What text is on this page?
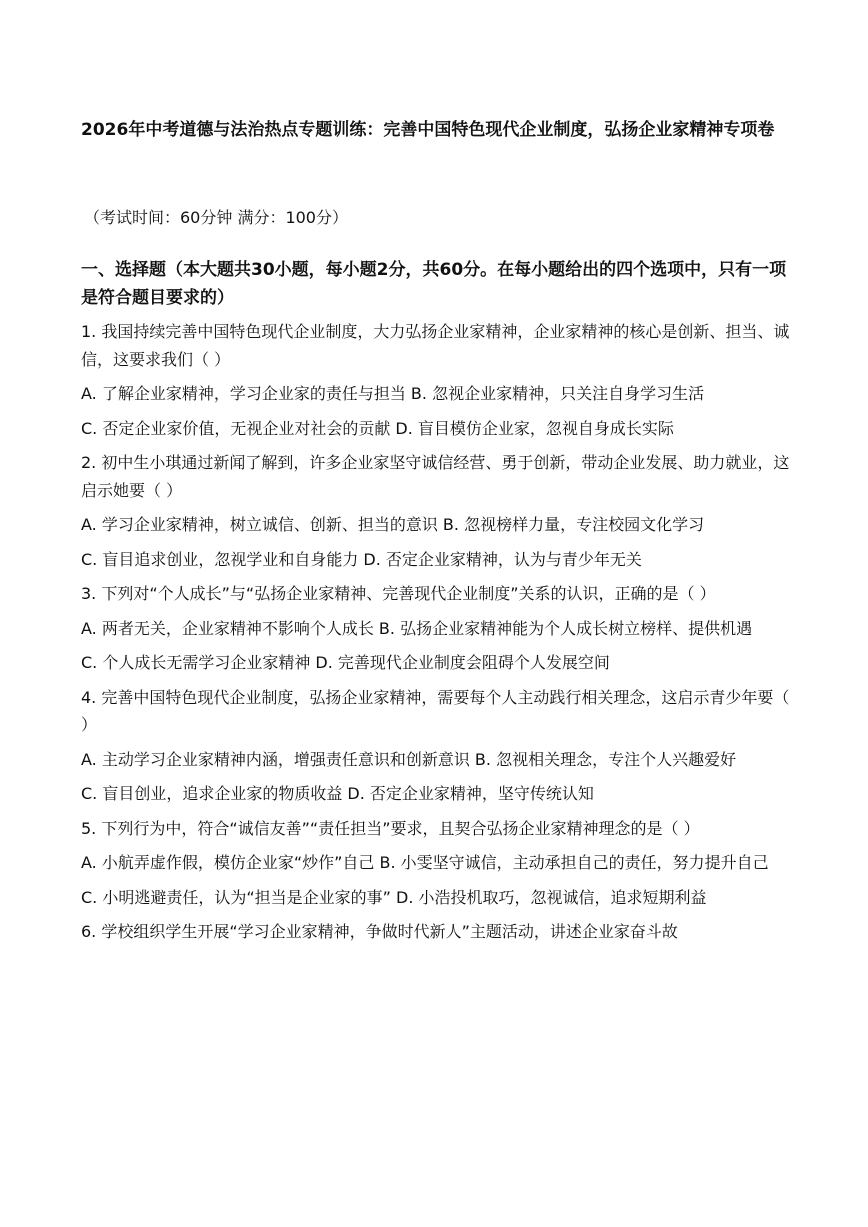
2026年中考道德与法治热点专题训练：完善中国特色现代企业制度，弘扬企业家精神专项卷
（考试时间：60分钟 满分：100分）
一、选择题（本大题共30小题，每小题2分，共60分。在每小题给出的四个选项中，只有一项是符合题目要求的）
1. 我国持续完善中国特色现代企业制度，大力弘扬企业家精神，企业家精神的核心是创新、担当、诚信，这要求我们（ ）
A. 了解企业家精神，学习企业家的责任与担当 B. 忽视企业家精神，只关注自身学习生活
C. 否定企业家价值，无视企业对社会的贡献 D. 盲目模仿企业家，忽视自身成长实际
2. 初中生小琪通过新闻了解到，许多企业家坚守诚信经营、勇于创新，带动企业发展、助力就业，这启示她要（ ）
A. 学习企业家精神，树立诚信、创新、担当的意识 B. 忽视榜样力量，专注校园文化学习
C. 盲目追求创业，忽视学业和自身能力 D. 否定企业家精神，认为与青少年无关
3. 下列对“个人成长”与“弘扬企业家精神、完善现代企业制度”关系的认识，正确的是（ ）
A. 两者无关，企业家精神不影响个人成长 B. 弘扬企业家精神能为个人成长树立榜样、提供机遇
C. 个人成长无需学习企业家精神 D. 完善现代企业制度会阻碍个人发展空间
4. 完善中国特色现代企业制度，弘扬企业家精神，需要每个人主动践行相关理念，这启示青少年要（ ）
A. 主动学习企业家精神内涵，增强责任意识和创新意识 B. 忽视相关理念，专注个人兴趣爱好
C. 盲目创业，追求企业家的物质收益 D. 否定企业家精神，坚守传统认知
5. 下列行为中，符合“诚信友善”“责任担当”要求，且契合弘扬企业家精神理念的是（ ）
A. 小航弄虚作假，模仿企业家“炒作”自己 B. 小雯坚守诚信，主动承担自己的责任，努力提升自己
C. 小明逃避责任，认为“担当是企业家的事” D. 小浩投机取巧，忽视诚信，追求短期利益
6. 学校组织学生开展“学习企业家精神，争做时代新人”主题活动，讲述企业家奋斗故
